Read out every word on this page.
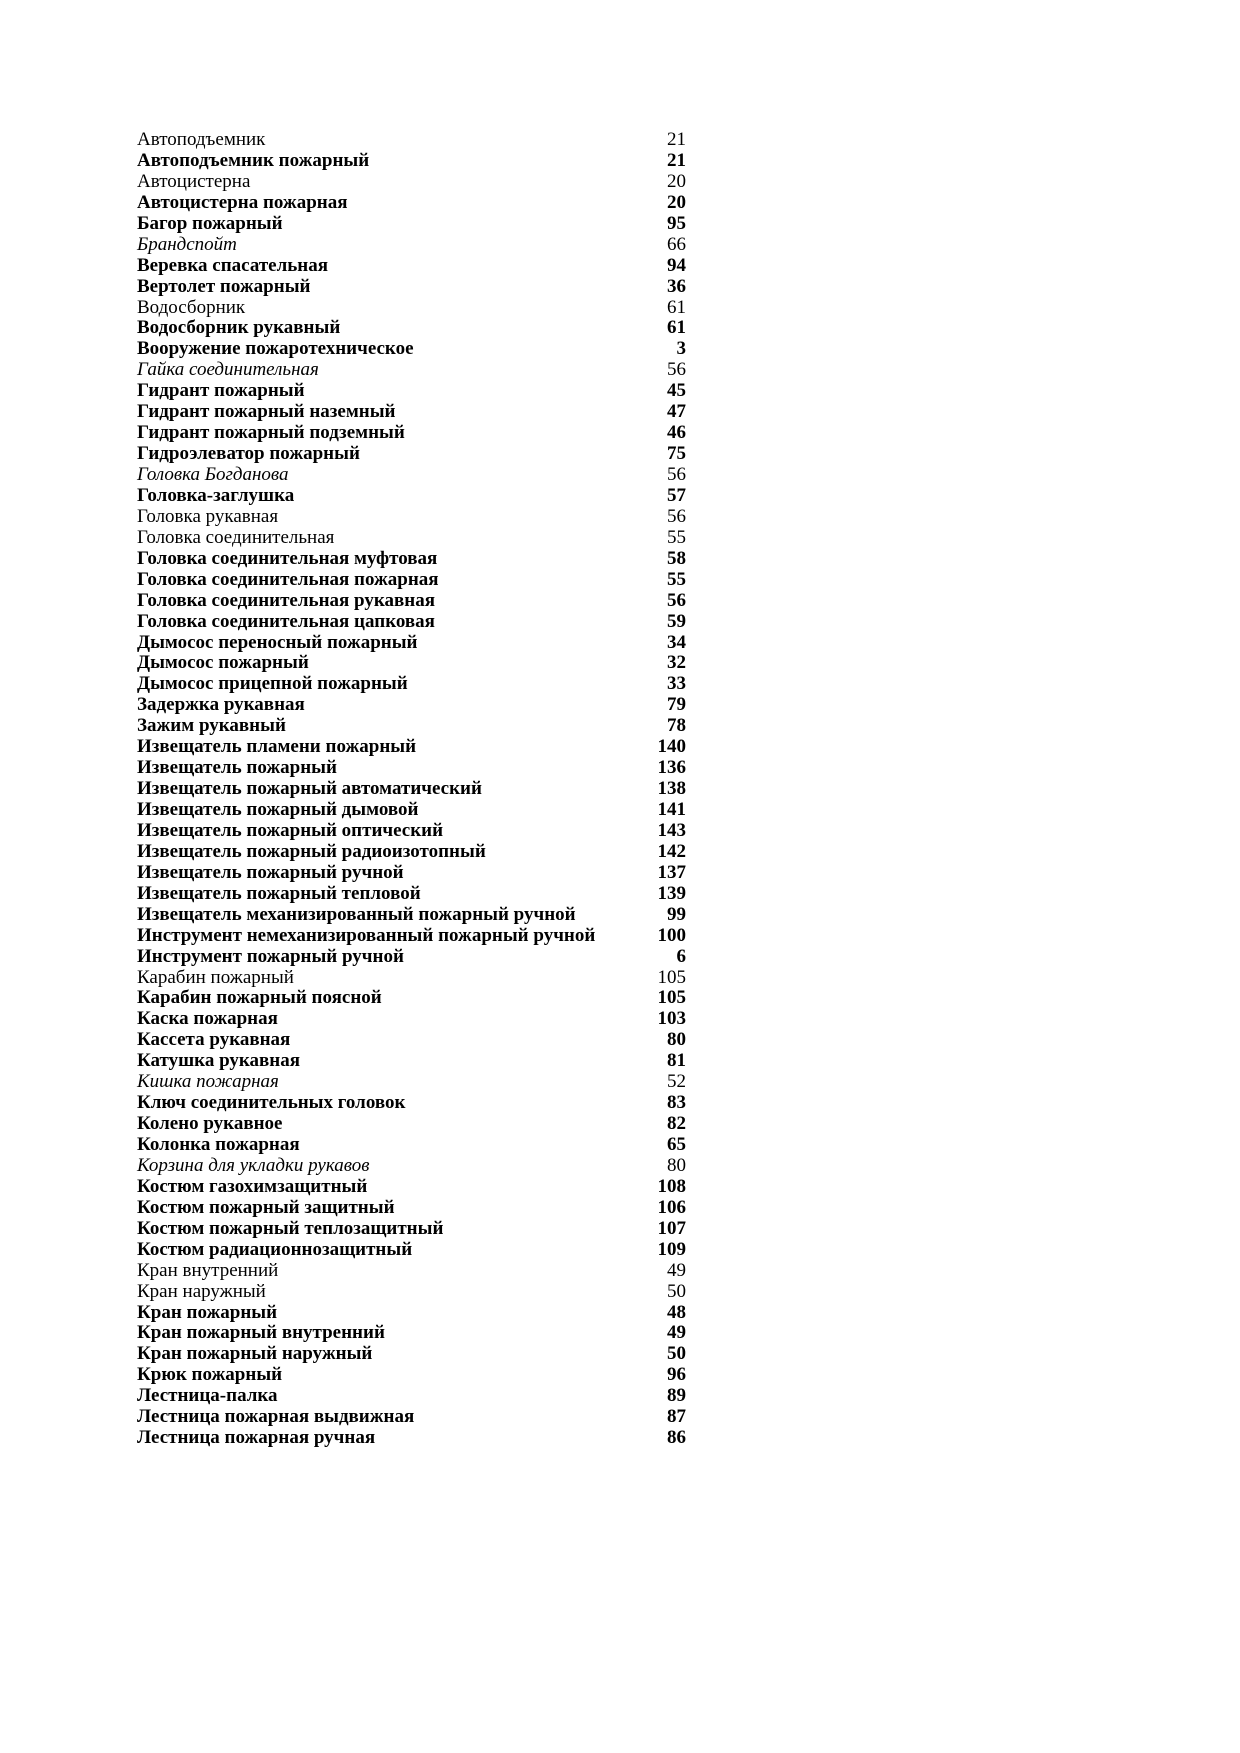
Автоподъемник	21
Автоподъемник пожарный	21
Автоцистерна	20
Автоцистерна пожарная	20
Багор пожарный	95
Брандспойт	66
Веревка спасательная	94
Вертолет пожарный	36
Водосборник	61
Водосборник рукавный	61
Вооружение пожаротехническое	3
Гайка соединительная	56
Гидрант пожарный	45
Гидрант пожарный наземный	47
Гидрант пожарный подземный	46
Гидроэлеватор пожарный	75
Головка Богданова	56
Головка-заглушка	57
Головка рукавная	56
Головка соединительная	55
Головка соединительная муфтовая	58
Головка соединительная пожарная	55
Головка соединительная рукавная	56
Головка соединительная цапковая	59
Дымосос переносный пожарный	34
Дымосос пожарный	32
Дымосос прицепной пожарный	33
Задержка рукавная	79
Зажим рукавный	78
Извещатель пламени пожарный	140
Извещатель пожарный	136
Извещатель пожарный автоматический	138
Извещатель пожарный дымовой	141
Извещатель пожарный оптический	143
Извещатель пожарный радиоизотопный	142
Извещатель пожарный ручной	137
Извещатель пожарный тепловой	139
Извещатель механизированный пожарный ручной	99
Инструмент немеханизированный пожарный ручной	100
Инструмент пожарный ручной	6
Карабин пожарный	105
Карабин пожарный поясной	105
Каска пожарная	103
Кассета рукавная	80
Катушка рукавная	81
Кишка пожарная	52
Ключ соединительных головок	83
Колено рукавное	82
Колонка пожарная	65
Корзина для укладки рукавов	80
Костюм газохимзащитный	108
Костюм пожарный защитный	106
Костюм пожарный теплозащитный	107
Костюм радиационнозащитный	109
Кран внутренний	49
Кран наружный	50
Кран пожарный	48
Кран пожарный внутренний	49
Кран пожарный наружный	50
Крюк пожарный	96
Лестница-палка	89
Лестница пожарная выдвижная	87
Лестница пожарная ручная	86
